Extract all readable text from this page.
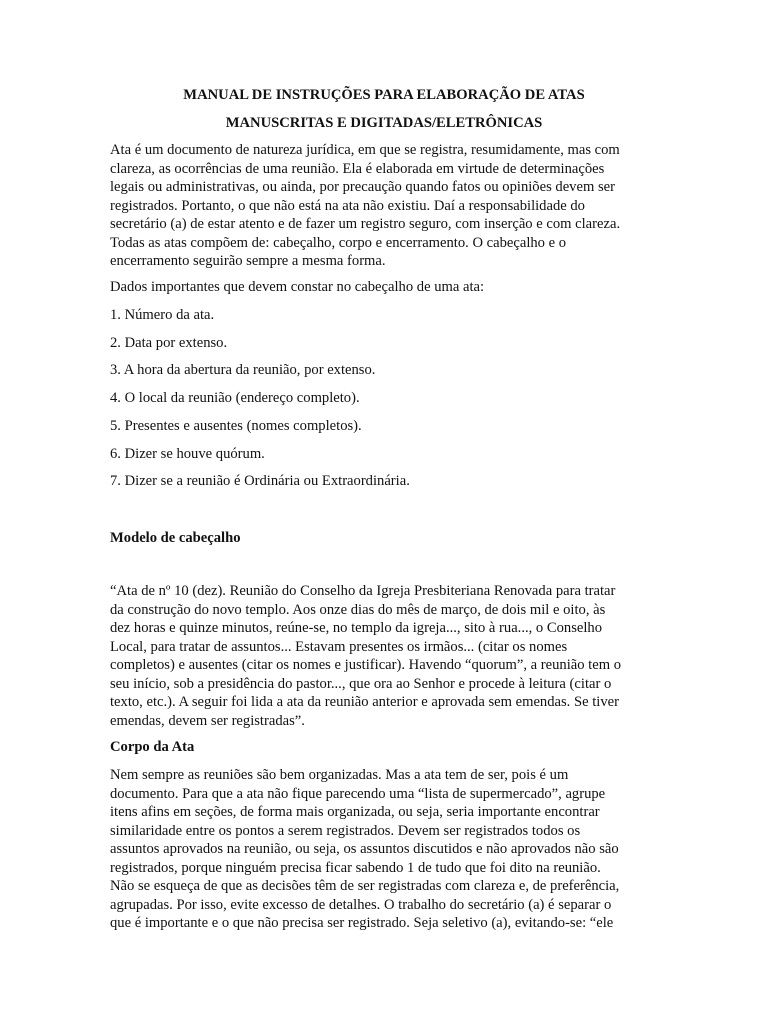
MANUAL DE INSTRUÇÕES PARA ELABORAÇÃO DE ATAS
MANUSCRITAS E DIGITADAS/ELETRÔNICAS
Ata é um documento de natureza jurídica, em que se registra, resumidamente, mas com
clareza, as ocorrências de uma reunião. Ela é elaborada em virtude de determinações
legais ou administrativas, ou ainda, por precaução quando fatos ou opiniões devem ser
registrados. Portanto, o que não está na ata não existiu. Daí a responsabilidade do
secretário (a) de estar atento e de fazer um registro seguro, com inserção e com clareza.
Todas as atas compõem de: cabeçalho, corpo e encerramento. O cabeçalho e o
encerramento seguirão sempre a mesma forma.

Dados importantes que devem constar no cabeçalho de uma ata:

1. Número da ata.

2. Data por extenso.

3. A hora da abertura da reunião, por extenso.

4. O local da reunião (endereço completo).

5. Presentes e ausentes (nomes completos).

6. Dizer se houve quórum.

7. Dizer se a reunião é Ordinária ou Extraordinária.

Modelo de cabeçalho

“Ata de nº 10 (dez). Reunião do Conselho da Igreja Presbiteriana Renovada para tratar
da construção do novo templo. Aos onze dias do mês de março, de dois mil e oito, às
dez horas e quinze minutos, reúne-se, no templo da igreja..., sito à rua..., o Conselho
Local, para tratar de assuntos... Estavam presentes os irmãos... (citar os nomes
completos) e ausentes (citar os nomes e justificar). Havendo “quorum”, a reunião tem o
seu início, sob a presidência do pastor..., que ora ao Senhor e procede à leitura (citar o
texto, etc.). A seguir foi lida a ata da reunião anterior e aprovada sem emendas. Se tiver
emendas, devem ser registradas”.

Corpo da Ata

Nem sempre as reuniões são bem organizadas. Mas a ata tem de ser, pois é um
documento. Para que a ata não fique parecendo uma “lista de supermercado”, agrupe
itens afins em seções, de forma mais organizada, ou seja, seria importante encontrar
similaridade entre os pontos a serem registrados. Devem ser registrados todos os
assuntos aprovados na reunião, ou seja, os assuntos discutidos e não aprovados não são
registrados, porque ninguém precisa ficar sabendo 1 de tudo que foi dito na reunião.
Não se esqueça de que as decisões têm de ser registradas com clareza e, de preferência,
agrupadas. Por isso, evite excesso de detalhes. O trabalho do secretário (a) é separar o
que é importante e o que não precisa ser registrado. Seja seletivo (a), evitando-se: “ele
